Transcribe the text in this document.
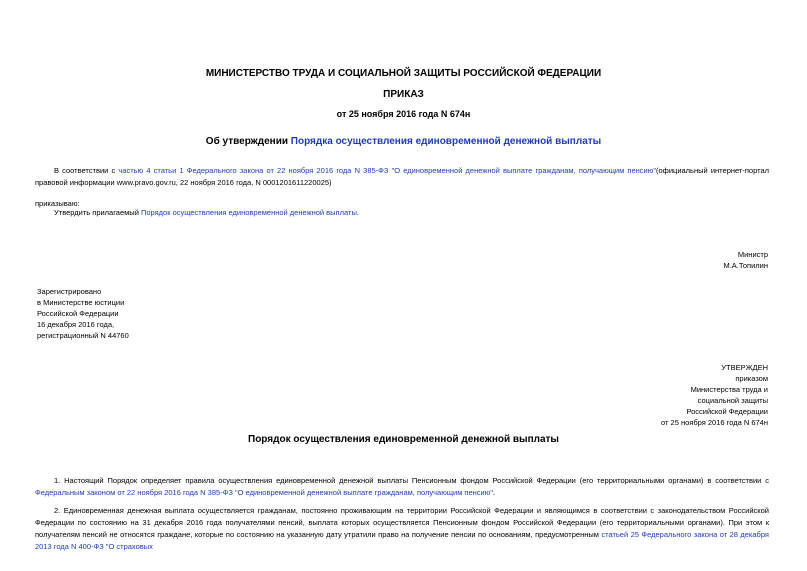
МИНИСТЕРСТВО ТРУДА И СОЦИАЛЬНОЙ ЗАЩИТЫ РОССИЙСКОЙ ФЕДЕРАЦИИ
ПРИКАЗ
от 25 ноября 2016 года N 674н
Об утверждении Порядка осуществления единовременной денежной выплаты
В соответствии с частью 4 статьи 1 Федерального закона от 22 ноября 2016 года N 385-ФЗ "О единовременной денежной выплате гражданам, получающим пенсию"(официальный интернет-портал правовой информации www.pravo.gov.ru, 22 ноября 2016 года, N 0001201611220025)
приказываю:
Утвердить прилагаемый Порядок осуществления единовременной денежной выплаты.
Министр
М.А.Топилин
Зарегистрировано
в Министерстве юстиции
Российской Федерации
16 декабря 2016 года,
регистрационный N 44760
УТВЕРЖДЕН
приказом
Министерства труда и
социальной защиты
Российской Федерации
от 25 ноября 2016 года N 674н
Порядок осуществления единовременной денежной выплаты
1. Настоящий Порядок определяет правила осуществления единовременной денежной выплаты Пенсионным фондом Российской Федерации (его территориальными органами) в соответствии с Федеральным законом от 22 ноября 2016 года N 385-ФЗ "О единовременной денежной выплате гражданам, получающим пенсию".
2. Единовременная денежная выплата осуществляется гражданам, постоянно проживающим на территории Российской Федерации и являющимся в соответствии с законодательством Российской Федерации по состоянию на 31 декабря 2016 года получателями пенсий, выплата которых осуществляется Пенсионным фондом Российской Федерации (его территориальными органами). При этом к получателям пенсий не относятся граждане, которые по состоянию на указанную дату утратили право на получение пенсии по основаниям, предусмотренным статьей 25 Федерального закона от 28 декабря 2013 года N 400-ФЗ "О страховых
